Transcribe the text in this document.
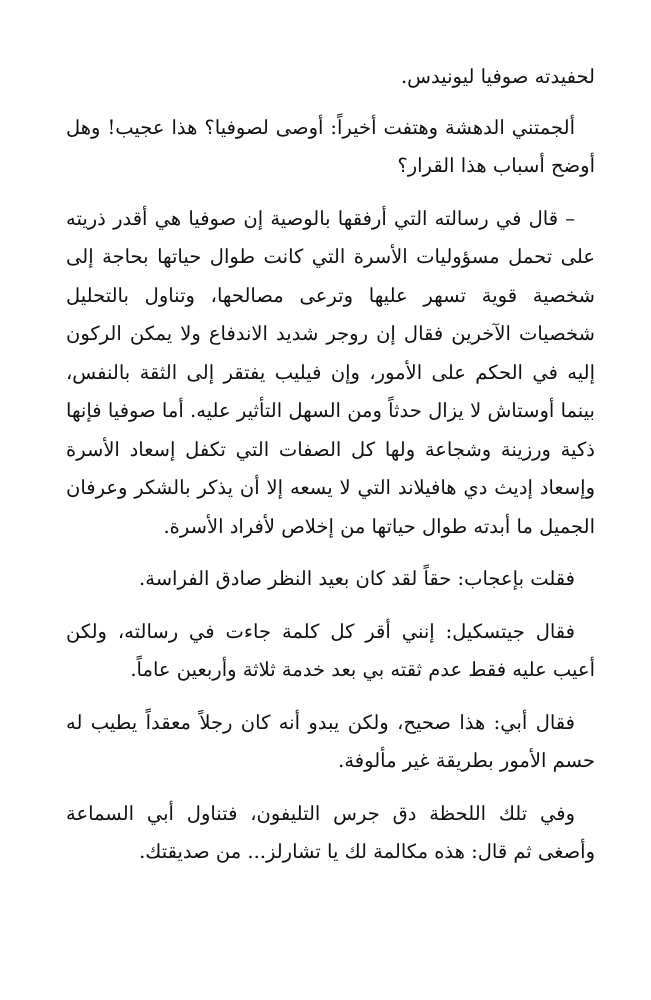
لحفيدته صوفيا ليونيدس.

ألجمتني الدهشة وهتفت أخيراً: أوصى لصوفيا؟ هذا عجيب! وهل أوضح أسباب هذا القرار؟

– قال في رسالته التي أرفقها بالوصية إن صوفيا هي أقدر ذريته على تحمل مسؤوليات الأسرة التي كانت طوال حياتها بحاجة إلى شخصية قوية تسهر عليها وترعى مصالحها، وتناول بالتحليل شخصيات الآخرين فقال إن روجر شديد الاندفاع ولا يمكن الركون إليه في الحكم على الأمور، وإن فيليب يفتقر إلى الثقة بالنفس، بينما أوستاش لا يزال حدثاً ومن السهل التأثير عليه. أما صوفيا فإنها ذكية ورزينة وشجاعة ولها كل الصفات التي تكفل إسعاد الأسرة وإسعاد إديث دي هافيلاند التي لا يسعه إلا أن يذكر بالشكر وعرفان الجميل ما أبدته طوال حياتها من إخلاص لأفراد الأسرة.

فقلت بإعجاب: حقاً لقد كان بعيد النظر صادق الفراسة.

فقال جيتسكيل: إنني أقر كل كلمة جاءت في رسالته، ولكن أعيب عليه فقط عدم ثقته بي بعد خدمة ثلاثة وأربعين عاماً.

فقال أبي: هذا صحيح، ولكن يبدو أنه كان رجلاً معقداً يطيب له حسم الأمور بطريقة غير مألوفة.

وفي تلك اللحظة دق جرس التليفون، فتناول أبي السماعة وأصغى ثم قال: هذه مكالمة لك يا تشارلز... من صديقتك.
